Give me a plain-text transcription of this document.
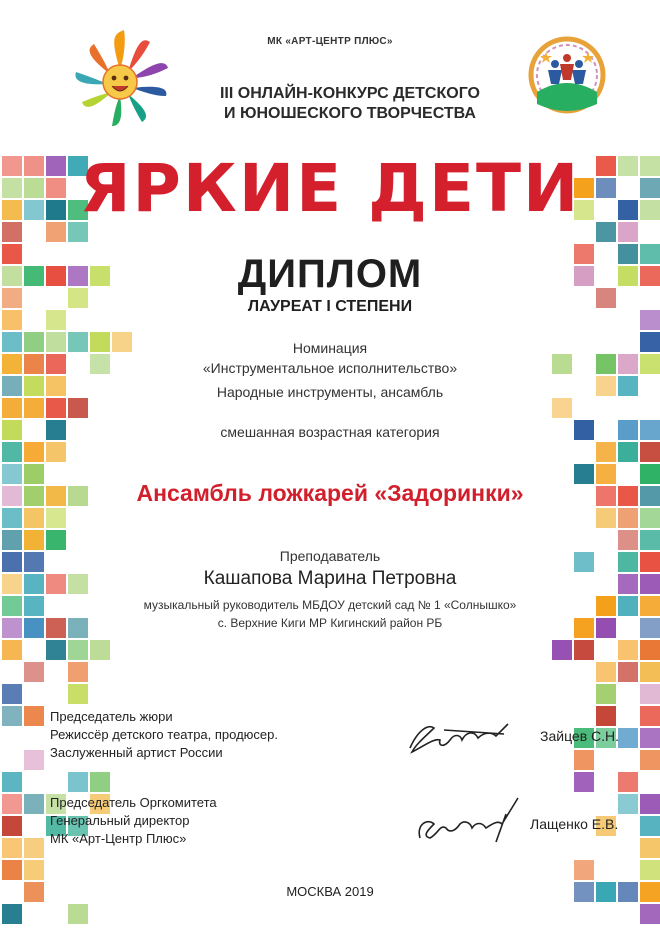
МК «АРТ-ЦЕНТР ПЛЮС»
III ОНЛАЙН-КОНКУРС ДЕТСКОГО
И ЮНОШЕСКОГО ТВОРЧЕСТВА
ЯРКИЕ ДЕТИ
ДИПЛОМ
ЛАУРЕАТ I СТЕПЕНИ
Номинация
«Инструментальное исполнительство»
Народные инструменты, ансамбль
смешанная возрастная категория
Ансамбль ложкарей «Задоринки»
Преподаватель
Кашапова Марина Петровна
музыкальный руководитель МБДОУ детский сад № 1 «Солнышко»
с. Верхние Киги МР Кигинский район РБ
Председатель жюри
Режиссёр детского театра, продюсер.
Заслуженный артист России
Зайцев С.Н.
Председатель Оргкомитета
Генеральный директор
МК «Арт-Центр Плюс»
Лащенко Е.В.
МОСКВА 2019
